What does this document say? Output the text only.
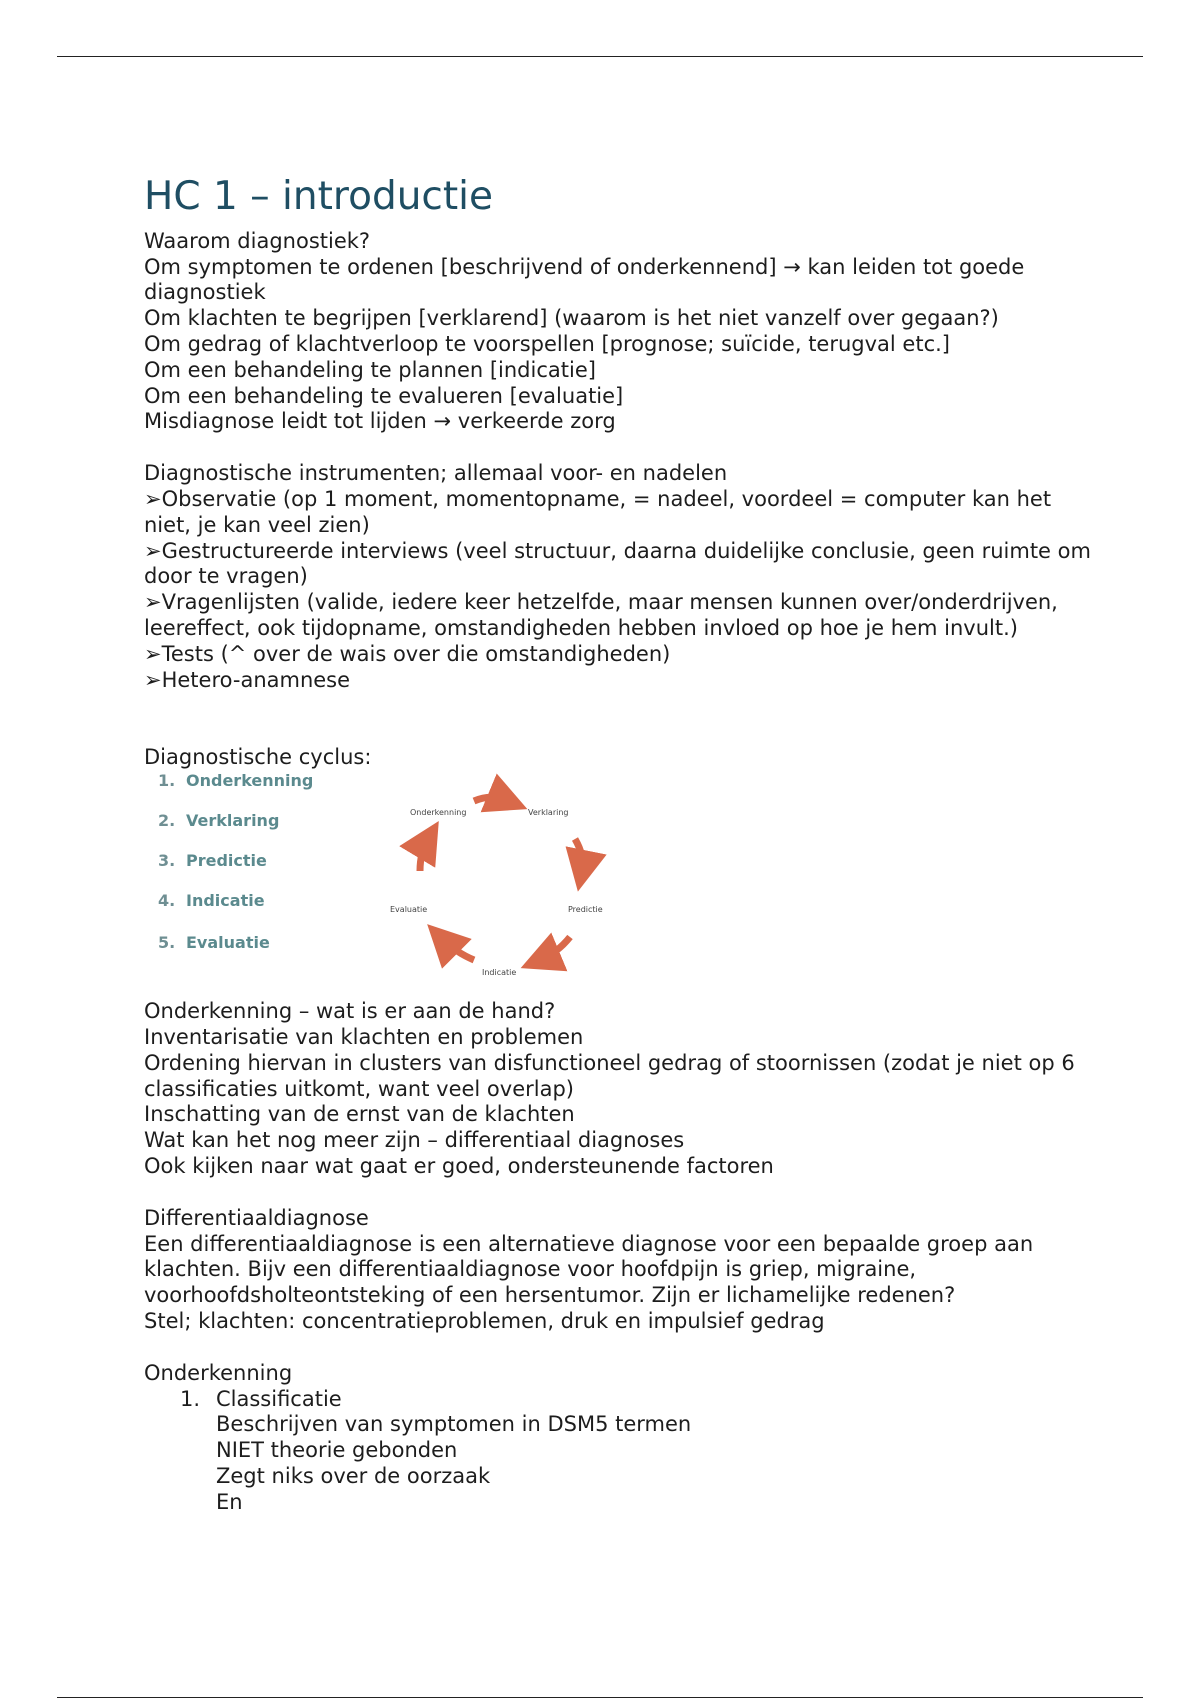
HC 1 – introductie

Waarom diagnostiek?

Om symptomen te ordenen [beschrijvend of onderkennend] → kan leiden tot goede diagnostiek

Om klachten te begrijpen [verklarend] (waarom is het niet vanzelf over gegaan?)

Om gedrag of klachtverloop te voorspellen [prognose; suïcide, terugval etc.]

Om een behandeling te plannen [indicatie]

Om een behandeling te evalueren [evaluatie]

Misdiagnose leidt tot lijden → verkeerde zorg

Diagnostische instrumenten; allemaal voor- en nadelen

➢Observatie (op 1 moment, momentopname, = nadeel, voordeel = computer kan het niet, je kan veel zien)

➢Gestructureerde interviews (veel structuur, daarna duidelijke conclusie, geen ruimte om door te vragen)

➢Vragenlijsten (valide, iedere keer hetzelfde, maar mensen kunnen over/onderdrijven, leereffect, ook tijdopname, omstandigheden hebben invloed op hoe je hem invult.)

➢Tests (^ over de wais over die omstandigheden)

➢Hetero-anamnese

Diagnostische cyclus:

1. Onderkenning
2. Verklaring
3. Predictie
4. Indicatie
5. Evaluatie
Onderkenning	Verklaring
Predictie
Indicatie
Evaluatie

Onderkenning – wat is er aan de hand?

Inventarisatie van klachten en problemen

Ordening hiervan in clusters van disfunctioneel gedrag of stoornissen (zodat je niet op 6 classificaties uitkomt, want veel overlap)

Inschatting van de ernst van de klachten

Wat kan het nog meer zijn – differentiaal diagnoses

Ook kijken naar wat gaat er goed, ondersteunende factoren

Differentiaaldiagnose

Een differentiaaldiagnose is een alternatieve diagnose voor een bepaalde groep aan klachten. Bijv een differentiaaldiagnose voor hoofdpijn is griep, migraine, voorhoofdsholteontsteking of een hersentumor. Zijn er lichamelijke redenen?

Stel; klachten: concentratieproblemen, druk en impulsief gedrag

Onderkenning

1. Classificatie
Beschrijven van symptomen in DSM5 termen
NIET theorie gebonden
Zegt niks over de oorzaak
En
